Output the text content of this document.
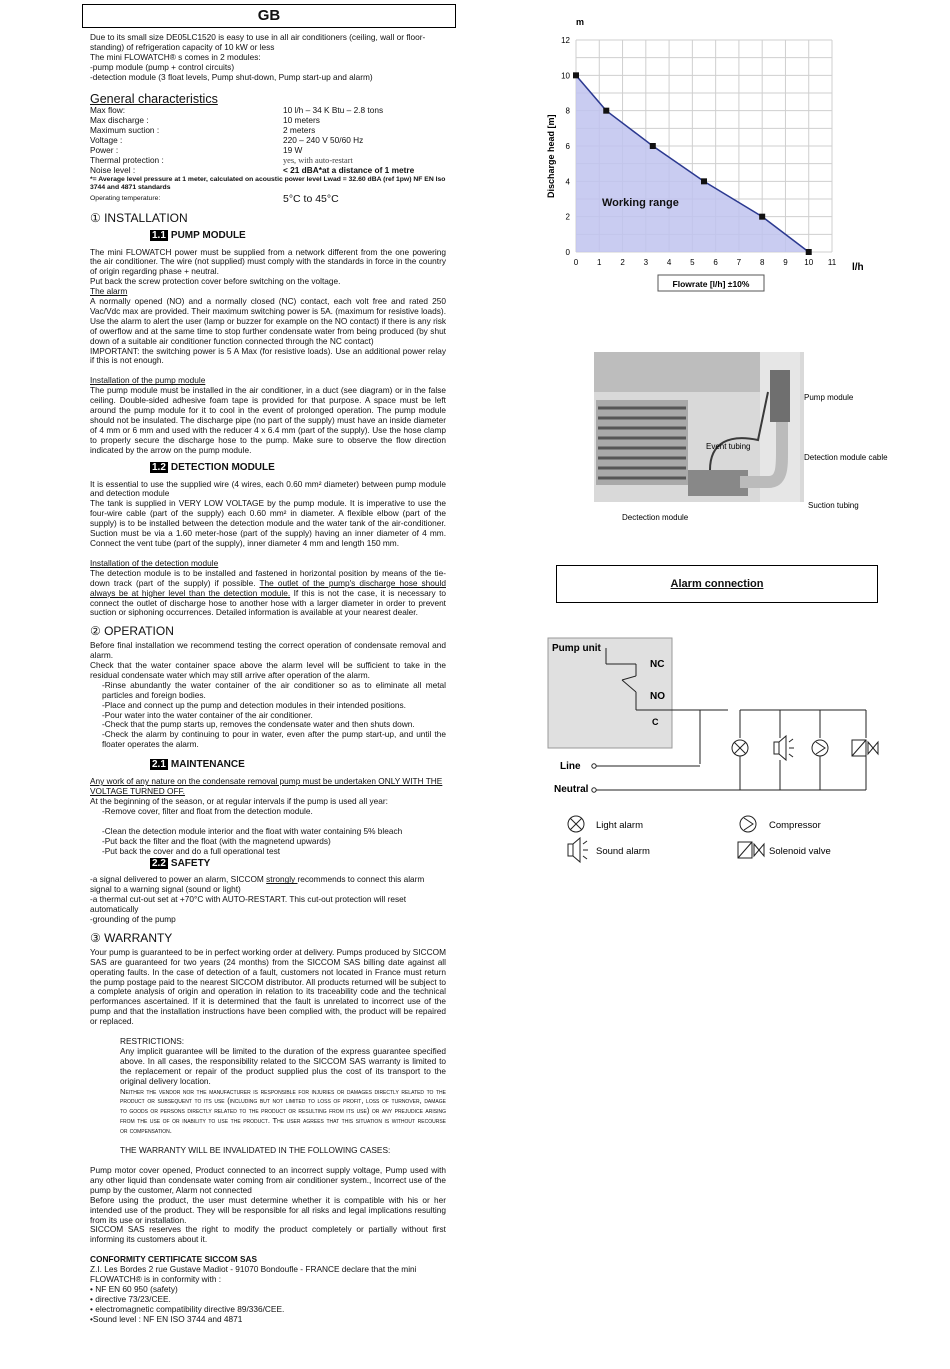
GB

Due to its small size DE05LC1520 is easy to use in all air conditioners (ceiling, wall or floor-standing) of refrigeration capacity of 10 kW or less

The mini FLOWATCH® s comes in 2 modules:

-pump module (pump + control circuits)

-detection module (3 float levels, Pump shut-down, Pump start-up and alarm)

General characteristics
Max flow:	10 l/h – 34 K Btu – 2.8 tons
Max discharge :	10 meters
Maximum suction :	2 meters
Voltage :	220 – 240 V 50/60 Hz
Power :	19 W
Thermal protection :	yes, with auto-restart
Noise level :	< 21 dBA*at a distance of 1 metre

*= Average level pressure at 1 meter, calculated on acoustic power level Lwad = 32.60 dBA (ref 1pw) NF EN Iso 3744 and 4871 standards

Operating temperature:	5°C to 45°C
① INSTALLATION
1.1 PUMP MODULE

The mini FLOWATCH power must be supplied from a network different from the one powering the air conditioner. The wire (not supplied) must comply with the standards in force in the country of origin regarding phase + neutral.

Put back the screw protection cover before switching on the voltage.

The alarm

A normally opened (NO) and a normally closed (NC) contact, each volt free and rated 250 Vac/Vdc max are provided. Their maximum switching power is 5A. (maximum for resistive loads). Use the alarm to alert the user (lamp or buzzer for example on the NO contact) if there is any risk of owerflow and at the same time to stop further condensate water from being produced (by shut down of a suitable air conditioner function connected through the NC contact)

IMPORTANT: the switching power is 5 A Max (for resistive loads). Use an additional power relay if this is not enough.

Installation of the pump module

The pump module must be installed in the air conditioner, in a duct (see diagram) or in the false ceiling. Double-sided adhesive foam tape is provided for that purpose. A space must be left around the pump module for it to cool in the event of prolonged operation. The pump module should not be insulated. The discharge pipe (no part of the supply) must have an inside diameter of 4 mm or 6 mm and used with the reducer 4 x 6.4 mm (part of the supply). Use the hose clamp to properly secure the discharge hose to the pump. Make sure to observe the flow direction indicated by the arrow on the pump module.

1.2 DETECTION MODULE

It is essential to use the supplied wire (4 wires, each 0.60 mm² diameter) between pump module and detection module

The tank is supplied in VERY LOW VOLTAGE by the pump module. It is imperative to use the four-wire cable (part of the supply) each 0.60 mm² in diameter. A flexible elbow (part of the supply) is to be installed between the detection module and the water tank of the air-conditioner. Suction must be via a 1.60 meter-hose (part of the supply) having an inner diameter of 4 mm. Connect the vent tube (part of the supply), inner diameter 4 mm and length 150 mm.

Installation of the detection module

The detection module is to be installed and fastened in horizontal position by means of the tie-down track (part of the supply) if possible. The outlet of the pump's discharge hose should always be at higher level than the detection module. If this is not the case, it is necessary to connect the outlet of discharge hose to another hose with a larger diameter in order to prevent suction or siphoning occurrences. Detailed information is available at your nearest dealer.

② OPERATION

Before final installation we recommend testing the correct operation of condensate removal and alarm.

Check that the water container space above the alarm level will be sufficient to take in the residual condensate water which may still arrive after operation of the alarm.

-Rinse abundantly the water container of the air conditioner so as to eliminate all metal particles and foreign bodies.

-Place and connect up the pump and detection modules in their intended positions.

-Pour water into the water container of the air conditioner.

-Check that the pump starts up, removes the condensate water and then shuts down.

-Check the alarm by continuing to pour in water, even after the pump start-up, and until the floater operates the alarm.

2.1 MAINTENANCE

Any work of any nature on the condensate removal pump must be undertaken ONLY WITH THE VOLTAGE TURNED OFF.

At the beginning of the season, or at regular intervals if the pump is used all year:

-Remove cover, filter and float from the detection module.

-Clean the detection module interior and the float with water containing 5% bleach

-Put back the filter and the float (with the magnetend upwards)

-Put back the cover and do a full operational test

2.2 SAFETY

-a signal delivered to power an alarm, SICCOM strongly recommends to connect this alarm signal to a warning signal (sound or light)

-a thermal cut-out set at +70°C with AUTO-RESTART. This cut-out protection will reset automatically

-grounding of the pump

③ WARRANTY

Your pump is guaranteed to be in perfect working order at delivery. Pumps produced by SICCOM SAS are guaranteed for two years (24 months) from the SICCOM SAS billing date against all operating faults. In the case of detection of a fault, customers not located in France must return the pump postage paid to the nearest SICCOM distributor. All products returned will be subject to a complete analysis of origin and operation in relation to its traceability code and the technical performances ascertained. If it is determined that the fault is unrelated to incorrect use of the pump and that the installation instructions have been complied with, the product will be repaired or replaced.

RESTRICTIONS:

Any implicit guarantee will be limited to the duration of the express guarantee specified above. In all cases, the responsibility related to the SICCOM SAS warranty is limited to the replacement or repair of the product supplied plus the cost of its transport to the original delivery location.

Neither the vendor nor the manufacturer is responsible for injuries or damages directly related to the product or subsequent to its use (including but not limited to loss of profit, loss of turnover, damage to goods or persons directly related to the product or resulting from its use) or any prejudice arising from the use of or inability to use the product. The user agrees that this situation is without recourse or compensation.

THE WARRANTY WILL BE INVALIDATED IN THE FOLLOWING CASES:

Pump motor cover opened, Product connected to an incorrect supply voltage, Pump used with any other liquid than condensate water coming from air conditioner system., Incorrect use of the pump by the customer, Alarm not connected

Before using the product, the user must determine whether it is compatible with his or her intended use of the product. They will be responsible for all risks and legal implications resulting from its use or installation.

SICCOM SAS reserves the right to modify the product completely or partially without first informing its customers about it.

CONFORMITY CERTIFICATE SICCOM SAS

Z.I. Les Bordes 2 rue Gustave Madiot - 91070 Bondoufle - FRANCE declare that the mini FLOWATCH® is in conformity with :

• NF EN 60 950 (safety)

• directive 73/23/CEE.

• electromagnetic compatibility directive 89/336/CEE.

•Sound level : NF EN ISO 3744 and 4871

0 1 2 3 4 5 6 7 8 9 10 11
0
2
4
6
8
10
12
m
l/h
Discharge head [m]
Flowrate [l/h] ±10%
Working range
Pump module
Event tubing
Detection module cable
Suction tubing
Dectection module
Alarm connection
Pump unit
NC
NO
C
Line
Neutral
Light alarm	Compressor
Sound alarm	Solenoid valve
